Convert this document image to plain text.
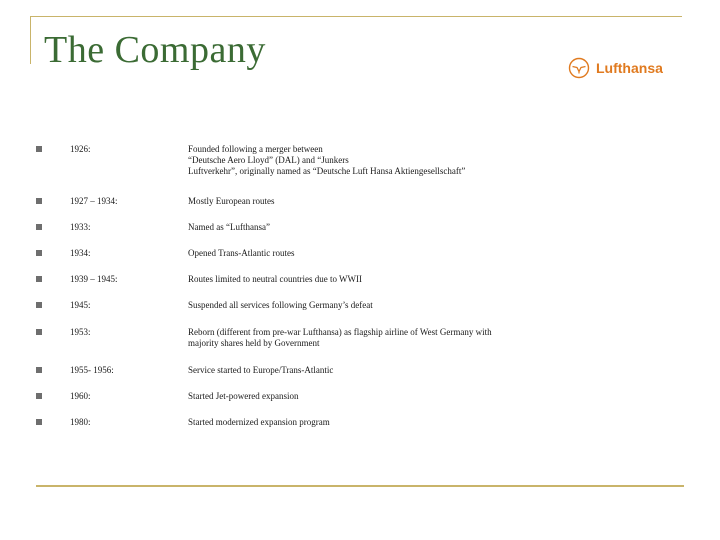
The Company	Lufthansa
1926:	Founded following a merger between
“Deutsche Aero Lloyd” (DAL) and “Junkers
Luftverkehr”, originally named as “Deutsche Luft Hansa Aktiengesellschaft”
1927 – 1934:	Mostly European routes
1933:	Named as “Lufthansa”
1934:	Opened Trans-Atlantic routes
1939 – 1945:	Routes limited to neutral countries due to WWII
1945:	Suspended all services following Germany’s defeat
1953:	Reborn (different from pre-war Lufthansa) as flagship airline of West Germany with
majority shares held by Government
1955- 1956:	Service started to Europe/Trans-Atlantic
1960:	Started Jet-powered expansion
1980:	Started modernized expansion program
